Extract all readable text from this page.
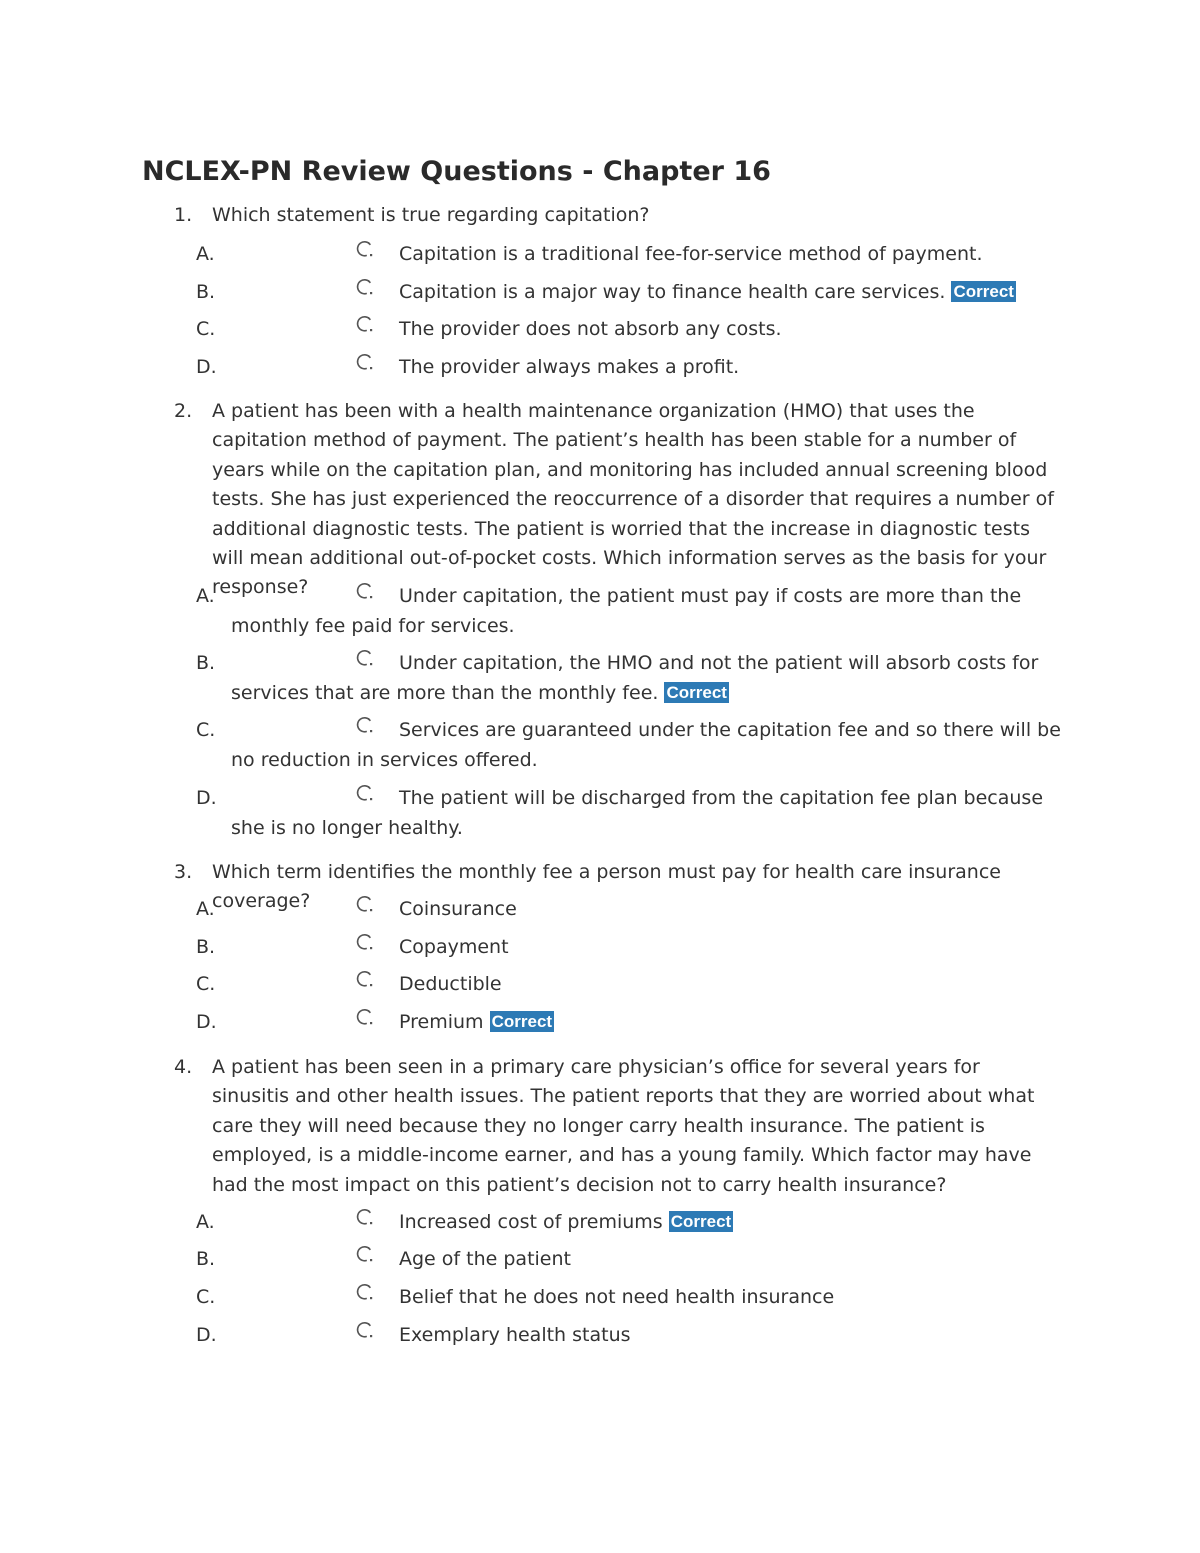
NCLEX-PN Review Questions - Chapter 16
1. Which statement is true regarding capitation?

A.	Capitation is a traditional fee-for-service method of payment.

B.	Capitation is a major way to finance health care services. Correct

C.	The provider does not absorb any costs.

D.	The provider always makes a profit.

2. A patient has been with a health maintenance organization (HMO) that uses the capitation method of payment. The patient’s health has been stable for a number of years while on the capitation plan, and monitoring has included annual screening blood tests. She has just experienced the reoccurrence of a disorder that requires a number of additional diagnostic tests. The patient is worried that the increase in diagnostic tests will mean additional out-of-pocket costs. Which information serves as the basis for your response?

A.	Under capitation, the patient must pay if costs are more than the monthly fee paid for services.

B.	Under capitation, the HMO and not the patient will absorb costs for services that are more than the monthly fee. Correct

C.	Services are guaranteed under the capitation fee and so there will be no reduction in services offered.

D.	The patient will be discharged from the capitation fee plan because she is no longer healthy.

3. Which term identifies the monthly fee a person must pay for health care insurance coverage?

A.	Coinsurance

B.	Copayment

C.	Deductible

D.	Premium Correct

4. A patient has been seen in a primary care physician’s office for several years for sinusitis and other health issues. The patient reports that they are worried about what care they will need because they no longer carry health insurance. The patient is employed, is a middle-income earner, and has a young family. Which factor may have had the most impact on this patient’s decision not to carry health insurance?

A.	Increased cost of premiums Correct

B.	Age of the patient

C.	Belief that he does not need health insurance

D.	Exemplary health status
